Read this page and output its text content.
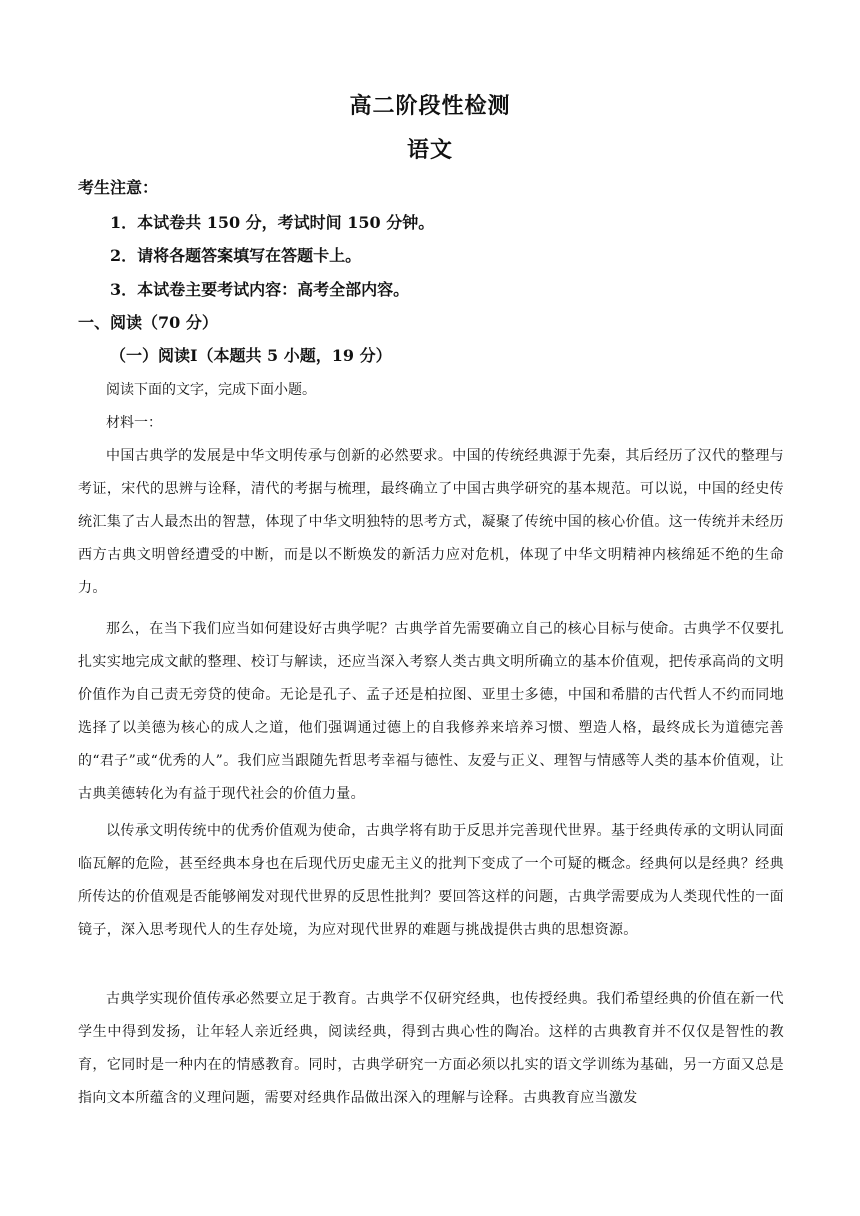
高二阶段性检测
语文
考生注意：
1．本试卷共 150 分，考试时间 150 分钟。
2．请将各题答案填写在答题卡上。
3．本试卷主要考试内容：高考全部内容。
一、阅读（70 分）
（一）阅读Ⅰ（本题共 5 小题，19 分）
阅读下面的文字，完成下面小题。
材料一：

中国古典学的发展是中华文明传承与创新的必然要求。中国的传统经典源于先秦，其后经历了汉代的整理与考证，宋代的思辨与诠释，清代的考据与梳理，最终确立了中国古典学研究的基本规范。可以说，中国的经史传统汇集了古人最杰出的智慧，体现了中华文明独特的思考方式，凝聚了传统中国的核心价值。这一传统并未经历西方古典文明曾经遭受的中断，而是以不断焕发的新活力应对危机，体现了中华文明精神内核绵延不绝的生命力。

那么，在当下我们应当如何建设好古典学呢？古典学首先需要确立自己的核心目标与使命。古典学不仅要扎扎实实地完成文献的整理、校订与解读，还应当深入考察人类古典文明所确立的基本价值观，把传承高尚的文明价值作为自己责无旁贷的使命。无论是孔子、孟子还是柏拉图、亚里士多德，中国和希腊的古代哲人不约而同地选择了以美德为核心的成人之道，他们强调通过德上的自我修养来培养习惯、塑造人格，最终成长为道德完善的“君子”或“优秀的人”。我们应当跟随先哲思考幸福与德性、友爱与正义、理智与情感等人类的基本价值观，让古典美德转化为有益于现代社会的价值力量。

以传承文明传统中的优秀价值观为使命，古典学将有助于反思并完善现代世界。基于经典传承的文明认同面临瓦解的危险，甚至经典本身也在后现代历史虚无主义的批判下变成了一个可疑的概念。经典何以是经典？经典所传达的价值观是否能够阐发对现代世界的反思性批判？要回答这样的问题，古典学需要成为人类现代性的一面镜子，深入思考现代人的生存处境，为应对现代世界的难题与挑战提供古典的思想资源。

古典学实现价值传承必然要立足于教育。古典学不仅研究经典，也传授经典。我们希望经典的价值在新一代学生中得到发扬，让年轻人亲近经典，阅读经典，得到古典心性的陶冶。这样的古典教育并不仅仅是智性的教育，它同时是一种内在的情感教育。同时，古典学研究一方面必须以扎实的语文学训练为基础，另一方面又总是指向文本所蕴含的义理问题，需要对经典作品做出深入的理解与诠释。古典教育应当激发
